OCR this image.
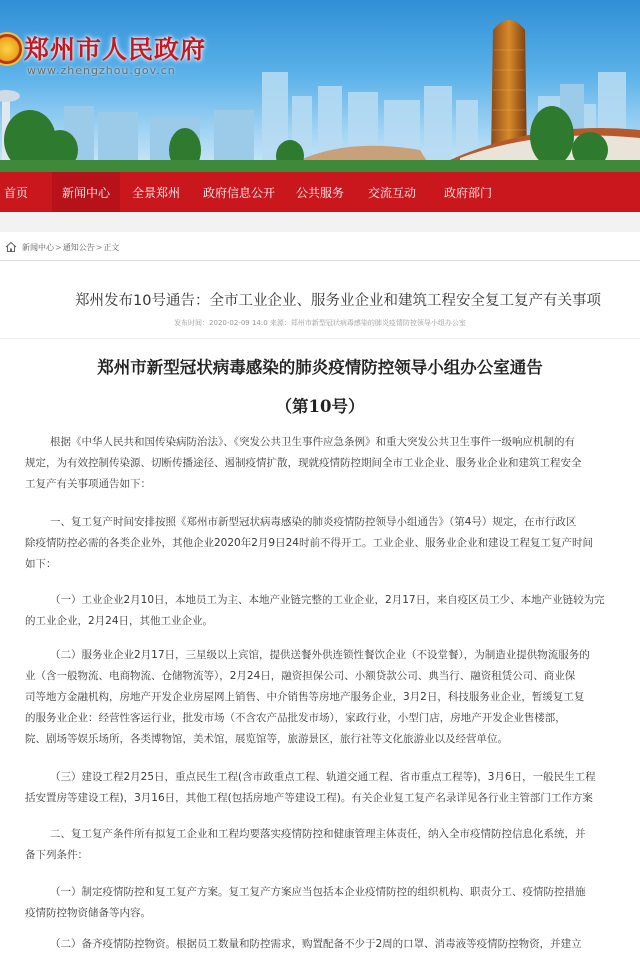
郑州市人民政府
www.zhengzhou.gov.cn
首页	新闻中心	全景郑州	政府信息公开	公共服务	交流互动	政府部门
新闻中心 > 通知公告 > 正文
郑州发布10号通告：全市工业企业、服务业企业和建筑工程安全复工复产有关事项
发布时间：2020-02-09 14:0 来源：郑州市新型冠状病毒感染的肺炎疫情防控领导小组办公室
郑州市新型冠状病毒感染的肺炎疫情防控领导小组办公室通告
（第10号）
根据《中华人民共和国传染病防治法》、《突发公共卫生事件应急条例》和重大突发公共卫生事件一级响应机制的有
规定，为有效控制传染源、切断传播途径、遏制疫情扩散，现就疫情防控期间全市工业企业、服务业企业和建筑工程安全
工复产有关事项通告如下：
一、复工复产时间安排按照《郑州市新型冠状病毒感染的肺炎疫情防控领导小组通告》（第4号）规定，在市行政区
除疫情防控必需的各类企业外，其他企业2020年2月9日24时前不得开工。工业企业、服务业企业和建设工程复工复产时间
如下：
（一）工业企业2月10日，本地员工为主、本地产业链完整的工业企业，2月17日，来自疫区员工少、本地产业链较为完
的工业企业，2月24日，其他工业企业。
（二）服务业企业2月17日，三星级以上宾馆，提供送餐外供连锁性餐饮企业（不设堂餐），为制造业提供物流服务的
业（含一般物流、电商物流、仓储物流等），2月24日，融资担保公司、小额贷款公司、典当行、融资租赁公司、商业保
司等地方金融机构，房地产开发企业房屋网上销售、中介销售等房地产服务企业，3月2日，科技服务业企业，暂缓复工复
的服务业企业：经营性客运行业，批发市场（不含农产品批发市场），家政行业，小型门店，房地产开发企业售楼部，
院、剧场等娱乐场所，各类博物馆，美术馆，展览馆等，旅游景区，旅行社等文化旅游业以及经营单位。
（三）建设工程2月25日，重点民生工程(含市政重点工程、轨道交通工程、省市重点工程等)，3月6日，一般民生工程
括安置房等建设工程)，3月16日，其他工程(包括房地产等建设工程)。有关企业复工复产名录详见各行业主管部门工作方案
二、复工复产条件所有拟复工企业和工程均要落实疫情防控和健康管理主体责任，纳入全市疫情防控信息化系统，并
备下列条件：
（一）制定疫情防控和复工复产方案。复工复产方案应当包括本企业疫情防控的组织机构、职责分工、疫情防控措施
疫情防控物资储备等内容。
（二）备齐疫情防控物资。根据员工数量和防控需求，购置配备不少于2周的口罩、消毒液等疫情防控物资，并建立
